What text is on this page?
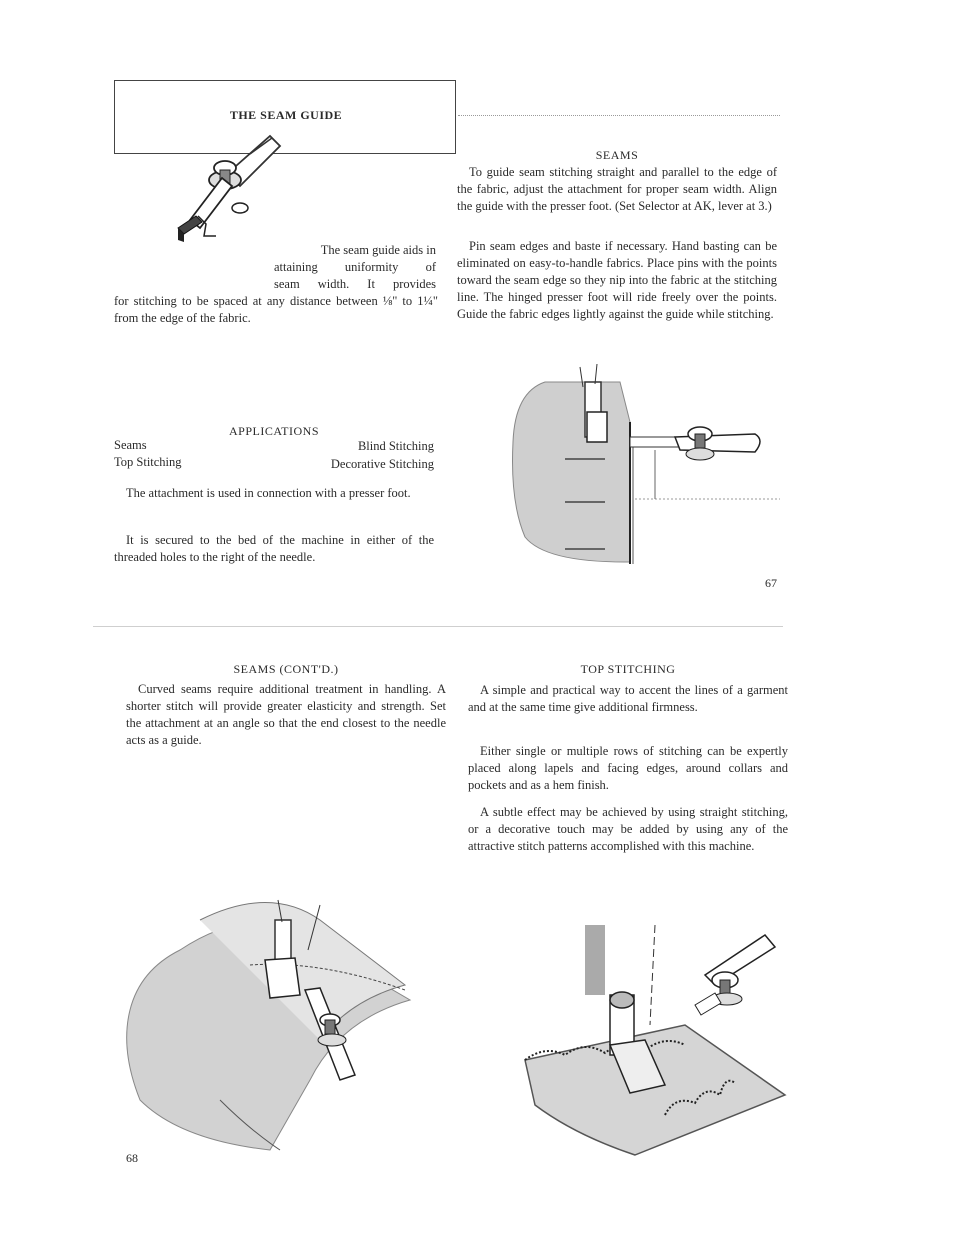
THE SEAM GUIDE
The seam guide aids in
attaining uniformity of
seam width. It provides
for stitching to be spaced at any distance between ⅛" to 1¼" from the edge of the fabric.
APPLICATIONS
Seams	Blind Stitching
Top Stitching	Decorative Stitching
The attachment is used in connection with a presser foot.
It is secured to the bed of the machine in either of the threaded holes to the right of the needle.
SEAMS
To guide seam stitching straight and parallel to the edge of the fabric, adjust the attachment for proper seam width. Align the guide with the presser foot. (Set Selector at AK, lever at 3.)
Pin seam edges and baste if necessary. Hand basting can be eliminated on easy-to-handle fabrics. Place pins with the points toward the seam edge so they nip into the fabric at the stitching line. The hinged presser foot will ride freely over the points. Guide the fabric edges lightly against the guide while stitching.
67
SEAMS (CONT'D.)
Curved seams require additional treatment in handling. A shorter stitch will provide greater elasticity and strength. Set the attachment at an angle so that the end closest to the needle acts as a guide.
TOP STITCHING
A simple and practical way to accent the lines of a garment and at the same time give additional firmness.
Either single or multiple rows of stitching can be expertly placed along lapels and facing edges, around collars and pockets and as a hem finish.
A subtle effect may be achieved by using straight stitching, or a decorative touch may be added by using any of the attractive stitch patterns accomplished with this machine.
68
